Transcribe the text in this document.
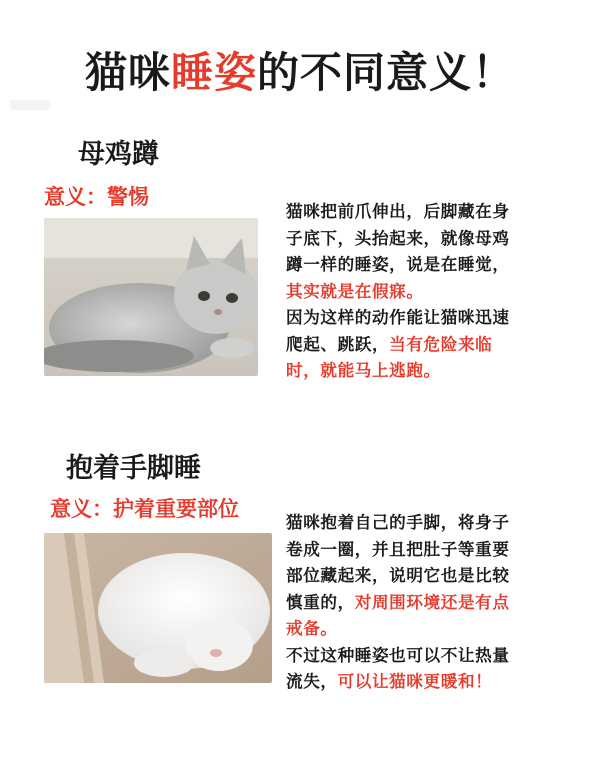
猫咪睡姿的不同意义！
母鸡蹲
意义：警惕
猫咪把前爪伸出，后脚藏在身
子底下，头抬起来，就像母鸡
蹲一样的睡姿，说是在睡觉，
其实就是在假寐。
因为这样的动作能让猫咪迅速
爬起、跳跃，当有危险来临
时，就能马上逃跑。
抱着手脚睡
意义：护着重要部位
猫咪抱着自己的手脚，将身子
卷成一圈，并且把肚子等重要
部位藏起来，说明它也是比较
慎重的，对周围环境还是有点
戒备。
不过这种睡姿也可以不让热量
流失，可以让猫咪更暖和！
